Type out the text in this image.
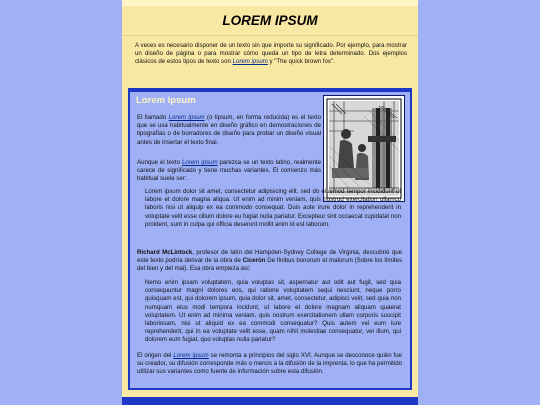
LOREM IPSUM

A veces es necesario disponer de un texto sin que importe su significado. Por ejemplo, para mostrar un diseño de página o para mostrar cómo queda un tipo de letra determinado. Dos ejemplos clásicos de estos tipos de texto son Lorem ipsum y "The quick brown fox".

Lorem ipsum

El llamado Lorem ipsum (o lipsum, en forma reducida) es el texto que se usa habitualmente en diseño gráfico en demostraciones de tipografías o de borradores de diseño para probar un diseño visual antes de insertar el texto final.

Aunque el texto Lorem ipsum parezca se un texto latino, realmente carece de significado y tiene muchas variantes. El comienzo más habitual suele ser:

Lorem ipsum dolor sit amet, consectetur adipisicing elit, sed do eiusmod tempor incididunt ut labore et dolore magna aliqua. Ut enim ad minim veniam, quis nostrud exercitation ullamco laboris nisi ut aliquip ex ea commodo consequat. Duis aute irure dolor in reprehenderit in voluptate velit esse cillum dolore eu fugiat nulla pariatur. Excepteur sint occaecat cupidatat non proident, sunt in culpa qui officia deserunt mollit anim id est laborum.

Richard McLintock, profesor de latín del Hampden-Sydney College de Virginia, descubrió que este texto podría derivar de la obra de Cicerón De finibus bonorum et malorum (Sobre los límites del bien y del mal). Esa obra empieza así:

Nemo enim ipsam voluptatem, quia voluptas sit, aspernatur aut odit aut fugit, sed quia consequuntur magni dolores eos, qui ratione voluptatem sequi nesciunt, neque porro quisquam est, qui dolorem ipsum, quia dolor sit, amet, consectetur, adipisci velit, sed quia non numquam eius modi tempora incidunt, ut labore et dolore magnam aliquam quaerat voluptatem. Ut enim ad minima veniam, quis nostrum exercitationem ullam corporis suscipit laboriosam, nisi ut aliquid ex ea commodi consequatur? Quis autem vel eum iure reprehenderit, qui in ea voluptate velit esse, quam nihil molestiae consequatur, vel illum, qui dolorem eum fugiat, quo voluptas nulla pariatur?

El origen del Lorem ipsum se remonta a principios del siglo XVI. Aunque se desconoce quién fue su creador, su difusión corresponde más o menos a la difusión de la imprenta, lo que ha permitido utilizar sus variantes como fuente de información sobre esta difusión.
